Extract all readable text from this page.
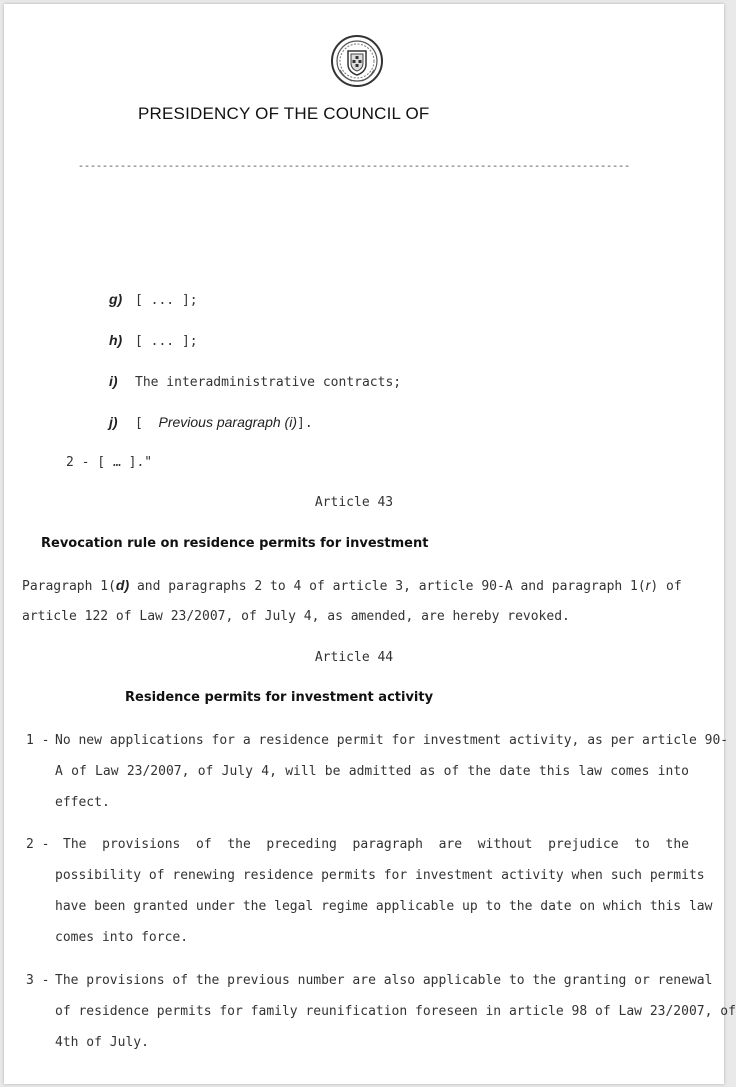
PRESIDENCY OF THE COUNCIL OF
--------------------------------------------------------------------------------------------
g) [ ... ];
h) [ ... ];
i) The interadministrative contracts;
j) [ Previous paragraph (i)].
2 - [ … ]."
Article 43
Revocation rule on residence permits for investment
Paragraph 1(d) and paragraphs 2 to 4 of article 3, article 90-A and paragraph 1(r) of
article 122 of Law 23/2007, of July 4, as amended, are hereby revoked.
Article 44
Residence permits for investment activity
1 - No new applications for a residence permit for investment activity, as per article 90-
A of Law 23/2007, of July 4, will be admitted as of the date this law comes into
effect.
2 -	The provisions of the preceding paragraph are without prejudice to the
possibility of renewing residence permits for investment activity when such permits
have been granted under the legal regime applicable up to the date on which this law
comes into force.
3 - The provisions of the previous number are also applicable to the granting or renewal
of residence permits for family reunification foreseen in article 98 of Law 23/2007, of
4th of July.
